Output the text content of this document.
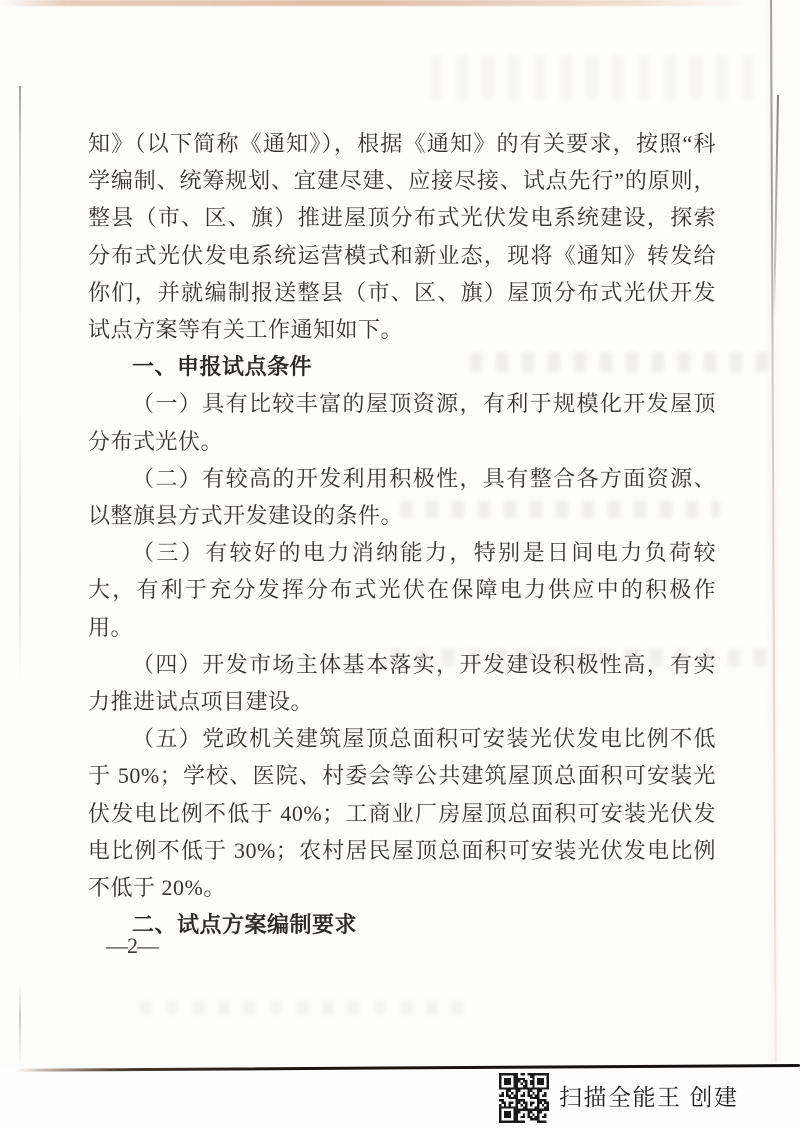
知》（以下简称《通知》），根据《通知》的有关要求，按照“科学编制、统筹规划、宜建尽建、应接尽接、试点先行”的原则，整县（市、区、旗）推进屋顶分布式光伏发电系统建设，探索分布式光伏发电系统运营模式和新业态，现将《通知》转发给你们，并就编制报送整县（市、区、旗）屋顶分布式光伏开发试点方案等有关工作通知如下。

一、申报试点条件

（一）具有比较丰富的屋顶资源，有利于规模化开发屋顶分布式光伏。

（二）有较高的开发利用积极性，具有整合各方面资源、以整旗县方式开发建设的条件。

（三）有较好的电力消纳能力，特别是日间电力负荷较大，有利于充分发挥分布式光伏在保障电力供应中的积极作用。

（四）开发市场主体基本落实，开发建设积极性高，有实力推进试点项目建设。

（五）党政机关建筑屋顶总面积可安装光伏发电比例不低于 50%；学校、医院、村委会等公共建筑屋顶总面积可安装光伏发电比例不低于 40%；工商业厂房屋顶总面积可安装光伏发电比例不低于 30%；农村居民屋顶总面积可安装光伏发电比例不低于 20%。

二、试点方案编制要求

—2—
扫描全能王 创建
